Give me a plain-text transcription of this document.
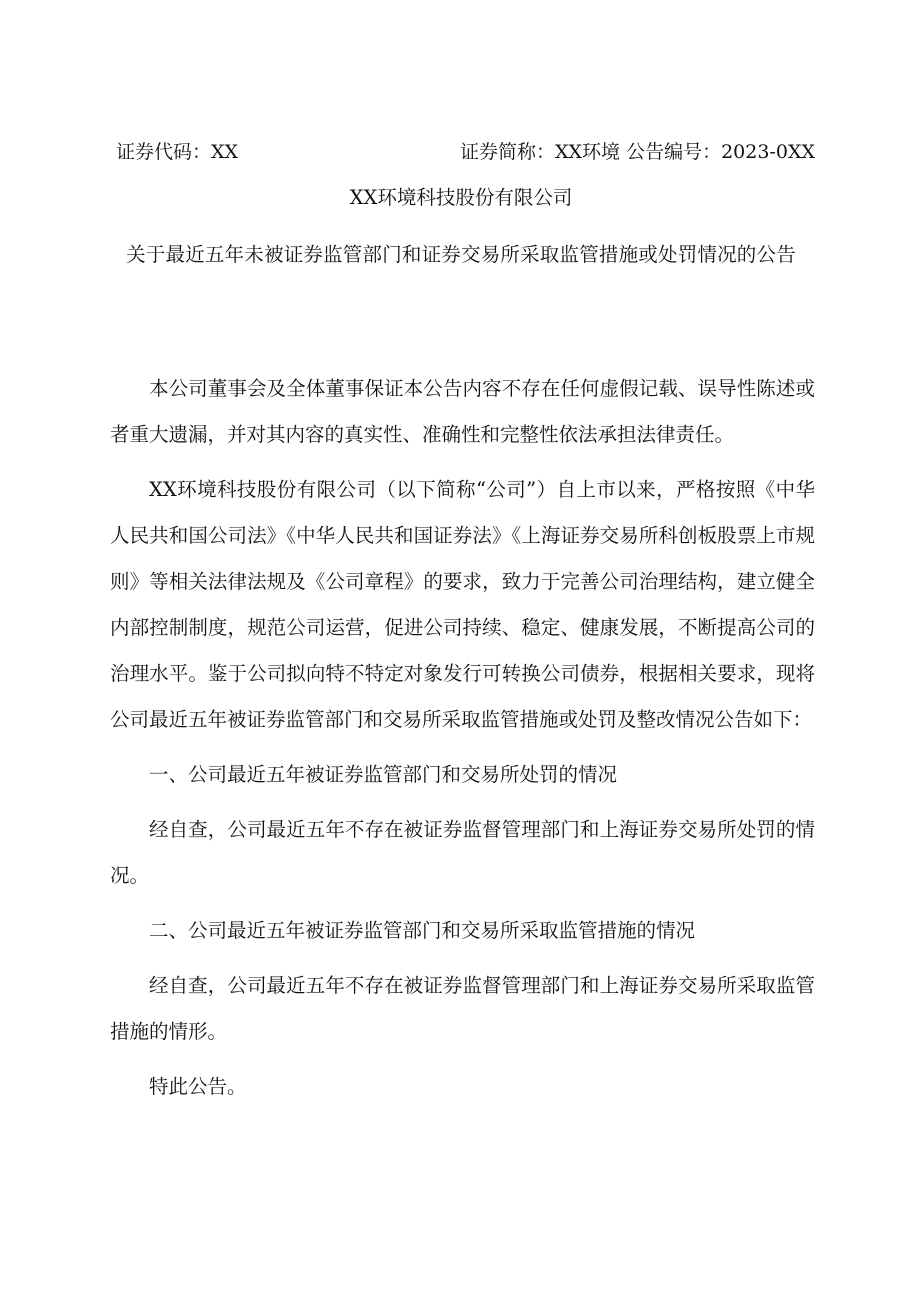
证券代码：XX	证券简称：XX环境 公告编号：2023-0XX
XX环境科技股份有限公司
关于最近五年未被证券监管部门和证券交易所采取监管措施或处罚情况的公告

本公司董事会及全体董事保证本公告内容不存在任何虚假记载、误导性陈述或者重大遗漏，并对其内容的真实性、准确性和完整性依法承担法律责任。

XX环境科技股份有限公司（以下简称“公司”）自上市以来，严格按照《中华人民共和国公司法》《中华人民共和国证券法》《上海证券交易所科创板股票上市规则》等相关法律法规及《公司章程》的要求，致力于完善公司治理结构，建立健全内部控制制度，规范公司运营，促进公司持续、稳定、健康发展，不断提高公司的治理水平。鉴于公司拟向特不特定对象发行可转换公司债券，根据相关要求，现将公司最近五年被证券监管部门和交易所采取监管措施或处罚及整改情况公告如下：

一、公司最近五年被证券监管部门和交易所处罚的情况

经自查，公司最近五年不存在被证券监督管理部门和上海证券交易所处罚的情况。

二、公司最近五年被证券监管部门和交易所采取监管措施的情况

经自查，公司最近五年不存在被证券监督管理部门和上海证券交易所采取监管措施的情形。

特此公告。
